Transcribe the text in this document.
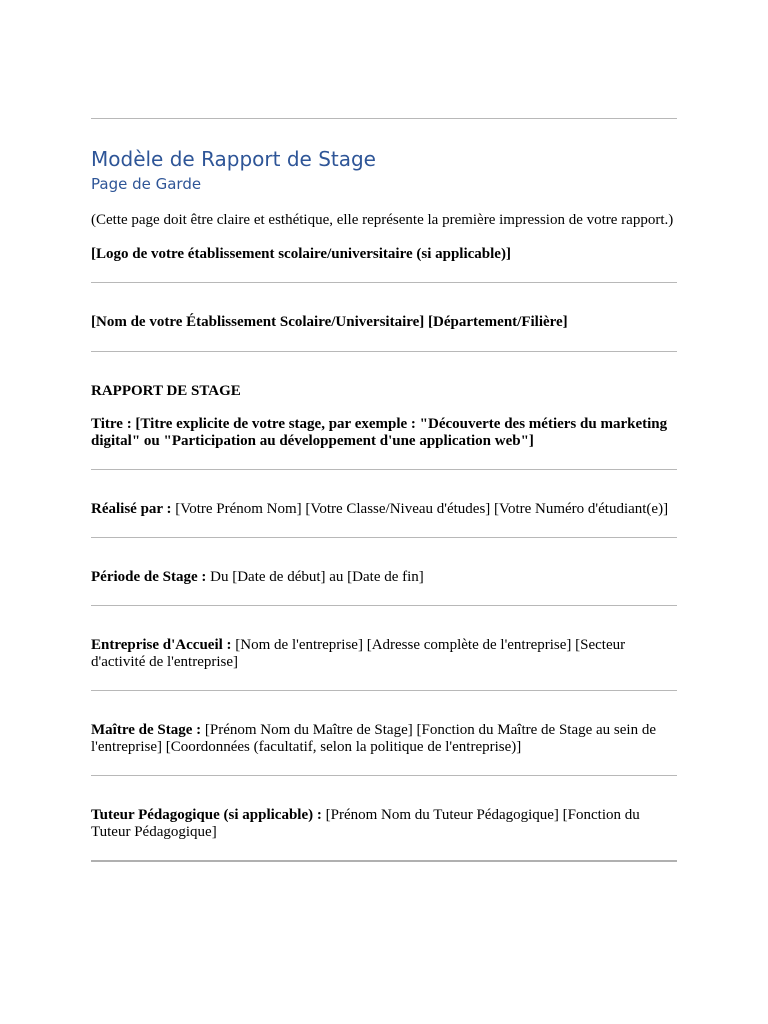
Modèle de Rapport de Stage
Page de Garde

(Cette page doit être claire et esthétique, elle représente la première impression de votre rapport.)

[Logo de votre établissement scolaire/universitaire (si applicable)]

[Nom de votre Établissement Scolaire/Universitaire] [Département/Filière]

RAPPORT DE STAGE

Titre : [Titre explicite de votre stage, par exemple : "Découverte des métiers du marketing digital" ou "Participation au développement d'une application web"]

Réalisé par : [Votre Prénom Nom] [Votre Classe/Niveau d'études] [Votre Numéro d'étudiant(e)]

Période de Stage : Du [Date de début] au [Date de fin]

Entreprise d'Accueil : [Nom de l'entreprise] [Adresse complète de l'entreprise] [Secteur d'activité de l'entreprise]

Maître de Stage : [Prénom Nom du Maître de Stage] [Fonction du Maître de Stage au sein de l'entreprise] [Coordonnées (facultatif, selon la politique de l'entreprise)]

Tuteur Pédagogique (si applicable) : [Prénom Nom du Tuteur Pédagogique] [Fonction du Tuteur Pédagogique]
